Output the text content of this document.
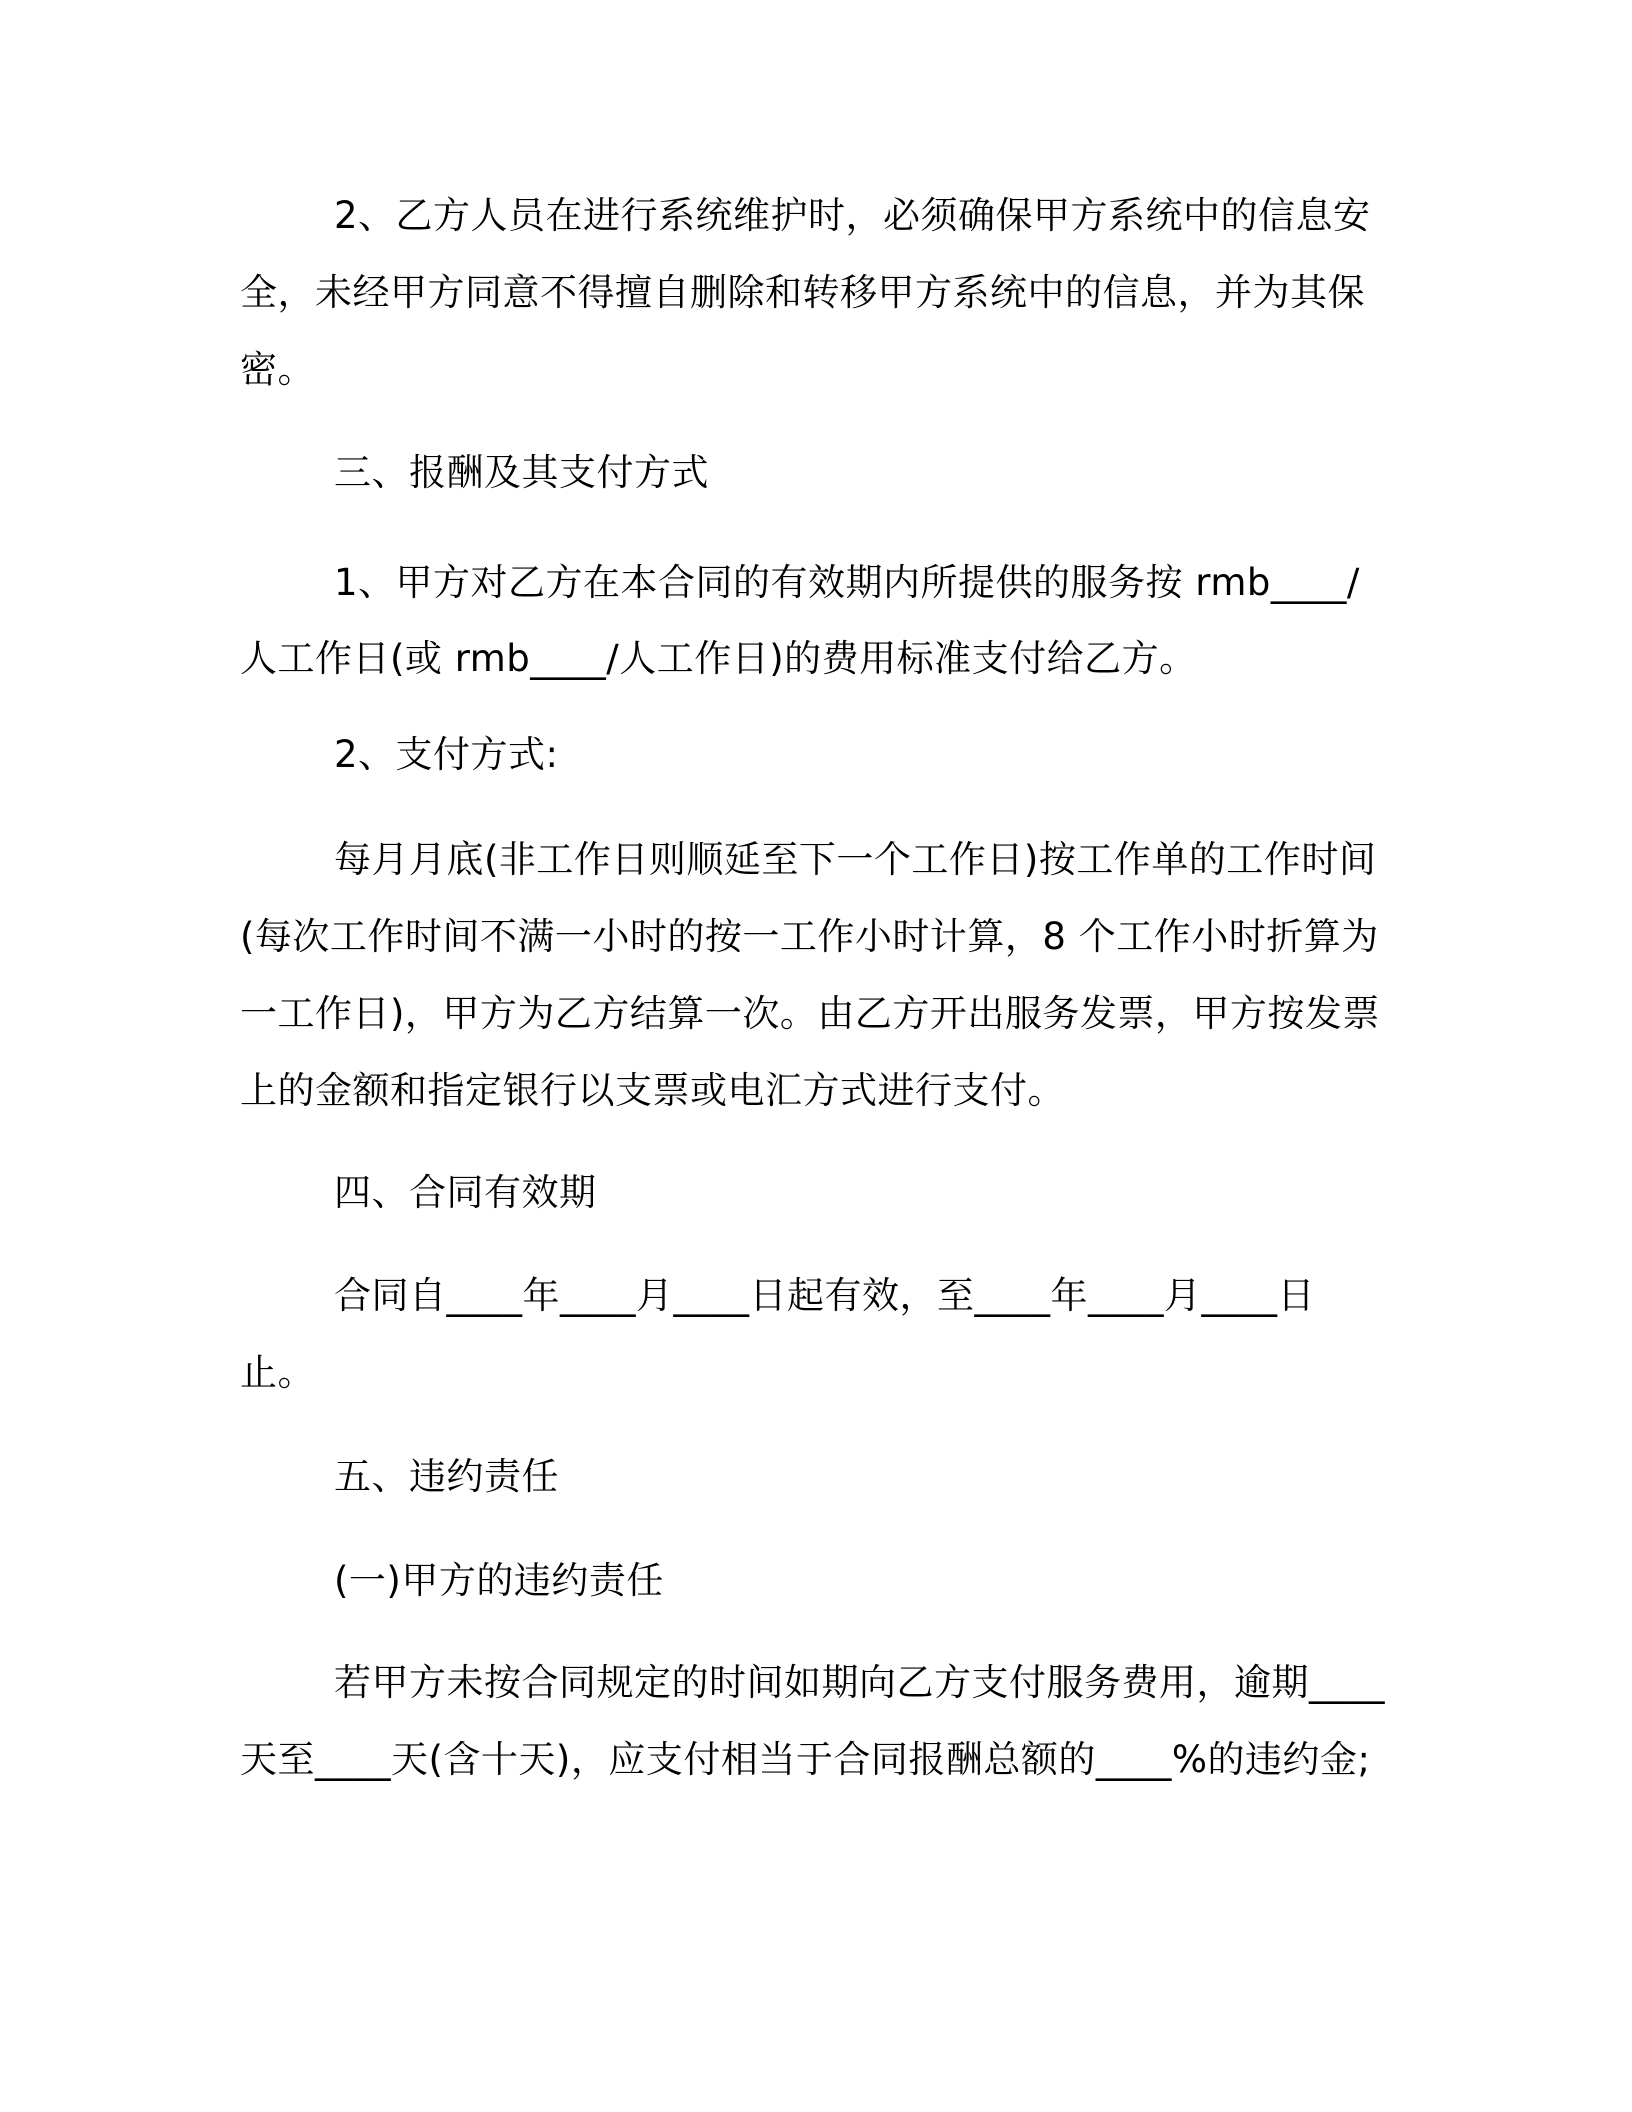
2、乙方人员在进行系统维护时，必须确保甲方系统中的信息安
全，未经甲方同意不得擅自删除和转移甲方系统中的信息，并为其保
密。
三、报酬及其支付方式
1、甲方对乙方在本合同的有效期内所提供的服务按 rmb____/
人工作日(或 rmb____/人工作日)的费用标准支付给乙方。
2、支付方式:
每月月底(非工作日则顺延至下一个工作日)按工作单的工作时间
(每次工作时间不满一小时的按一工作小时计算，8 个工作小时折算为
一工作日)，甲方为乙方结算一次。由乙方开出服务发票，甲方按发票
上的金额和指定银行以支票或电汇方式进行支付。
四、合同有效期
合同自____年____月____日起有效，至____年____月____日
止。
五、违约责任
(一)甲方的违约责任
若甲方未按合同规定的时间如期向乙方支付服务费用，逾期____
天至____天(含十天)，应支付相当于合同报酬总额的____%的违约金;
